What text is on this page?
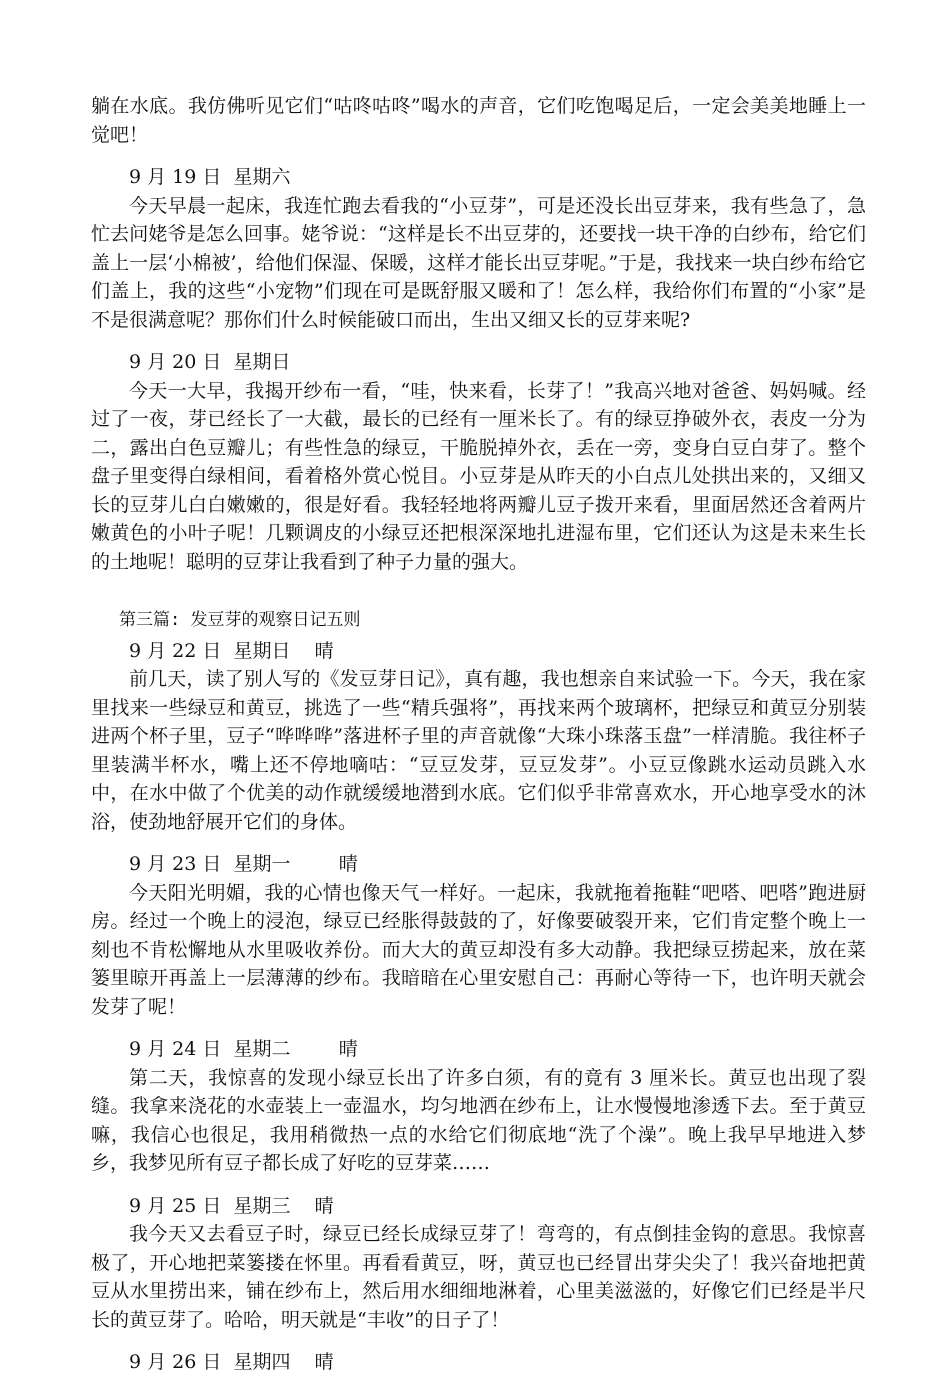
躺在水底。我仿佛听见它们“咕咚咕咚”喝水的声音，它们吃饱喝足后，一定会美美地睡上一觉吧！

9 月 19 日  星期六

今天早晨一起床，我连忙跑去看我的“小豆芽”，可是还没长出豆芽来，我有些急了，急忙去问姥爷是怎么回事。姥爷说：“这样是长不出豆芽的，还要找一块干净的白纱布，给它们盖上一层‘小棉被’，给他们保湿、保暖，这样才能长出豆芽呢。”于是，我找来一块白纱布给它们盖上，我的这些“小宠物”们现在可是既舒服又暖和了！怎么样，我给你们布置的“小家”是不是很满意呢？那你们什么时候能破口而出，生出又细又长的豆芽来呢?

9 月 20 日  星期日

今天一大早，我揭开纱布一看，“哇，快来看，长芽了！”我高兴地对爸爸、妈妈喊。经过了一夜，芽已经长了一大截，最长的已经有一厘米长了。有的绿豆挣破外衣，表皮一分为二，露出白色豆瓣儿；有些性急的绿豆，干脆脱掉外衣，丢在一旁，变身白豆白芽了。整个盘子里变得白绿相间，看着格外赏心悦目。小豆芽是从昨天的小白点儿处拱出来的，又细又长的豆芽儿白白嫩嫩的，很是好看。我轻轻地将两瓣儿豆子拨开来看，里面居然还含着两片嫩黄色的小叶子呢！几颗调皮的小绿豆还把根深深地扎进湿布里，它们还认为这是未来生长的土地呢！聪明的豆芽让我看到了种子力量的强大。

第三篇: 发豆芽的观察日记五则
9 月 22 日  星期日    晴

前几天，读了别人写的《发豆芽日记》，真有趣，我也想亲自来试验一下。今天，我在家里找来一些绿豆和黄豆，挑选了一些“精兵强将”，再找来两个玻璃杯，把绿豆和黄豆分别装进两个杯子里，豆子“哗哗哗”落进杯子里的声音就像“大珠小珠落玉盘”一样清脆。我往杯子里装满半杯水，嘴上还不停地嘀咕：“豆豆发芽，豆豆发芽”。小豆豆像跳水运动员跳入水中，在水中做了个优美的动作就缓缓地潜到水底。它们似乎非常喜欢水，开心地享受水的沐浴，使劲地舒展开它们的身体。

9 月 23 日  星期一        晴

今天阳光明媚，我的心情也像天气一样好。一起床，我就拖着拖鞋“吧嗒、吧嗒”跑进厨房。经过一个晚上的浸泡，绿豆已经胀得鼓鼓的了，好像要破裂开来，它们肯定整个晚上一刻也不肯松懈地从水里吸收养份。而大大的黄豆却没有多大动静。我把绿豆捞起来，放在菜篓里晾开再盖上一层薄薄的纱布。我暗暗在心里安慰自己：再耐心等待一下，也许明天就会发芽了呢！

9 月 24 日  星期二        晴

第二天，我惊喜的发现小绿豆长出了许多白须，有的竟有 3 厘米长。黄豆也出现了裂缝。我拿来浇花的水壶装上一壶温水，均匀地洒在纱布上，让水慢慢地渗透下去。至于黄豆嘛，我信心也很足，我用稍微热一点的水给它们彻底地“洗了个澡”。晚上我早早地进入梦乡，我梦见所有豆子都长成了好吃的豆芽菜……

9 月 25 日  星期三    晴

我今天又去看豆子时，绿豆已经长成绿豆芽了！弯弯的，有点倒挂金钩的意思。我惊喜极了，开心地把菜篓搂在怀里。再看看黄豆，呀，黄豆也已经冒出芽尖尖了！我兴奋地把黄豆从水里捞出来，铺在纱布上，然后用水细细地淋着，心里美滋滋的，好像它们已经是半尺长的黄豆芽了。哈哈，明天就是“丰收”的日子了！

9 月 26 日  星期四    晴
